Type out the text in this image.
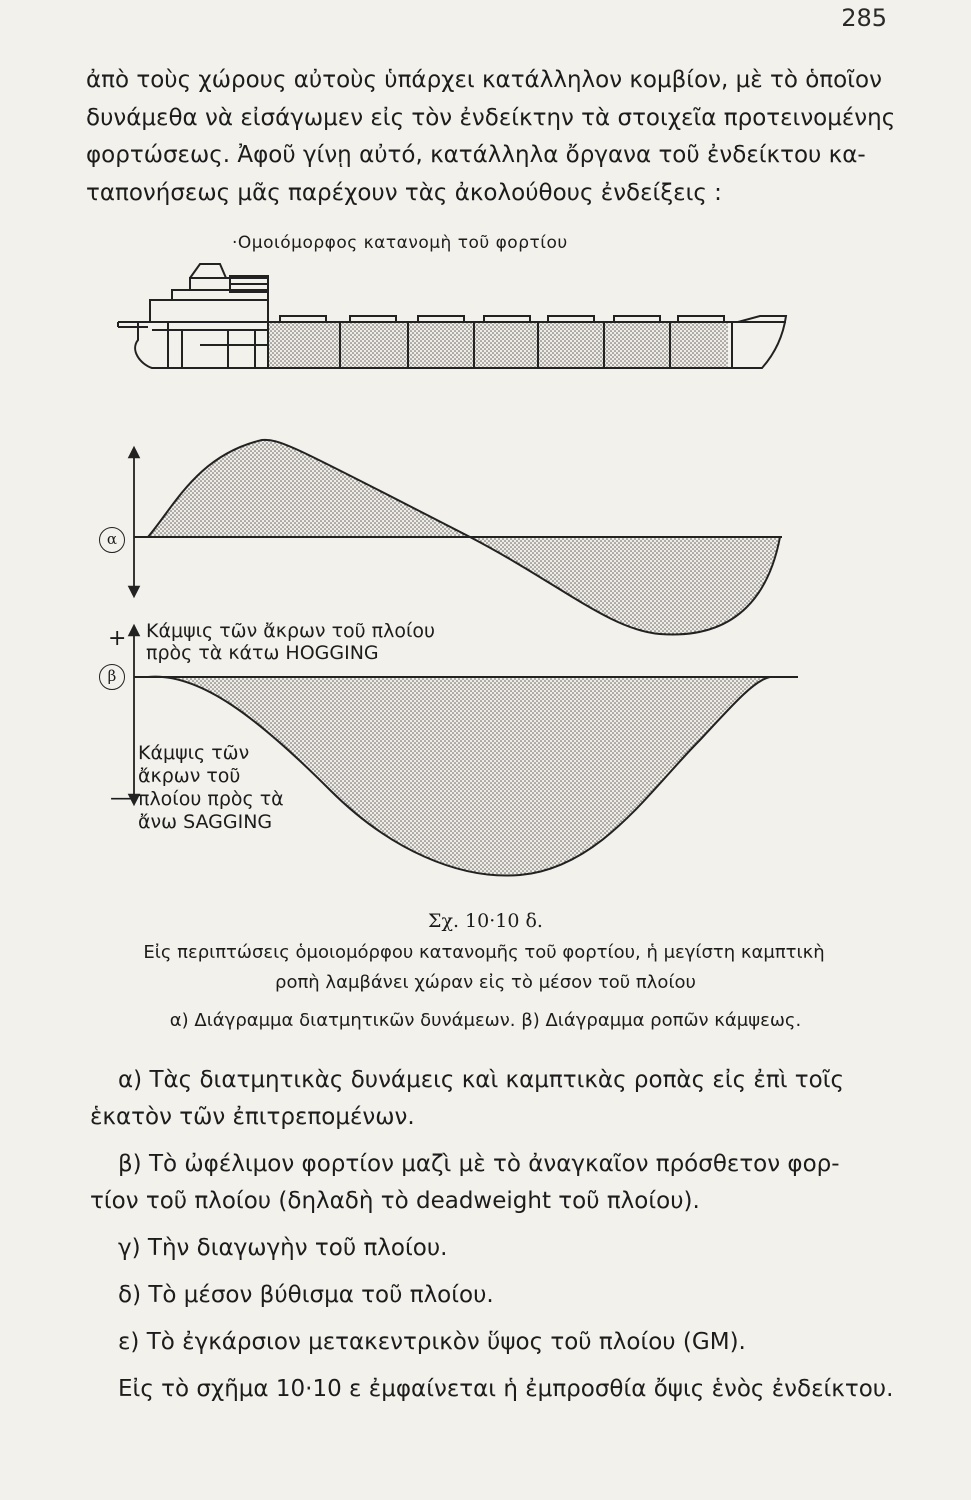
285

ἀπὸ τοὺς χώρους αὐτοὺς ὑπάρχει κατάλληλον κομβίον, μὲ τὸ ὁποῖον
δυνάμεθα νὰ εἰσάγωμεν εἰς τὸν ἐνδείκτην τὰ στοιχεῖα προτεινομένης
φορτώσεως. Ἀφοῦ γίνῃ αὐτό, κατάλληλα ὄργανα τοῦ ἐνδείκτου κα-
ταπονήσεως μᾶς παρέχουν τὰς ἀκολούθους ἐνδείξεις :

·Ομοιόμορφος κατανομὴ τοῦ φορτίου
α
β
+
—
Κάμψις τῶν ἄκρων τοῦ πλοίου
πρὸς τὰ κάτω HOGGING
Κάμψις τῶν
ἄκρων τοῦ
πλοίου πρὸς τὰ
ἄνω SAGGING

Σχ. 10·10 δ.

Εἰς περιπτώσεις ὁμοιομόρφου κατανομῆς τοῦ φορτίου, ἡ μεγίστη καμπτικὴ

ροπὴ λαμβάνει χώραν εἰς τὸ μέσον τοῦ πλοίου

α) Διάγραμμα διατμητικῶν δυνάμεων. β) Διάγραμμα ροπῶν κάμψεως.

α) Τὰς διατμητικὰς δυνάμεις καὶ καμπτικὰς ροπὰς εἰς ἐπὶ τοῖς
ἑκατὸν τῶν ἐπιτρεπομένων.
β) Τὸ ὠφέλιμον φορτίον μαζὶ μὲ τὸ ἀναγκαῖον πρόσθετον φορ-
τίον τοῦ πλοίου (δηλαδὴ τὸ deadweight τοῦ πλοίου).
γ) Τὴν διαγωγὴν τοῦ πλοίου.
δ) Τὸ μέσον βύθισμα τοῦ πλοίου.
ε) Τὸ ἐγκάρσιον μετακεντρικὸν ὕψος τοῦ πλοίου (GM).
Εἰς τὸ σχῆμα 10·10 ε ἐμφαίνεται ἡ ἐμπροσθία ὄψις ἑνὸς ἐνδείκτου.
